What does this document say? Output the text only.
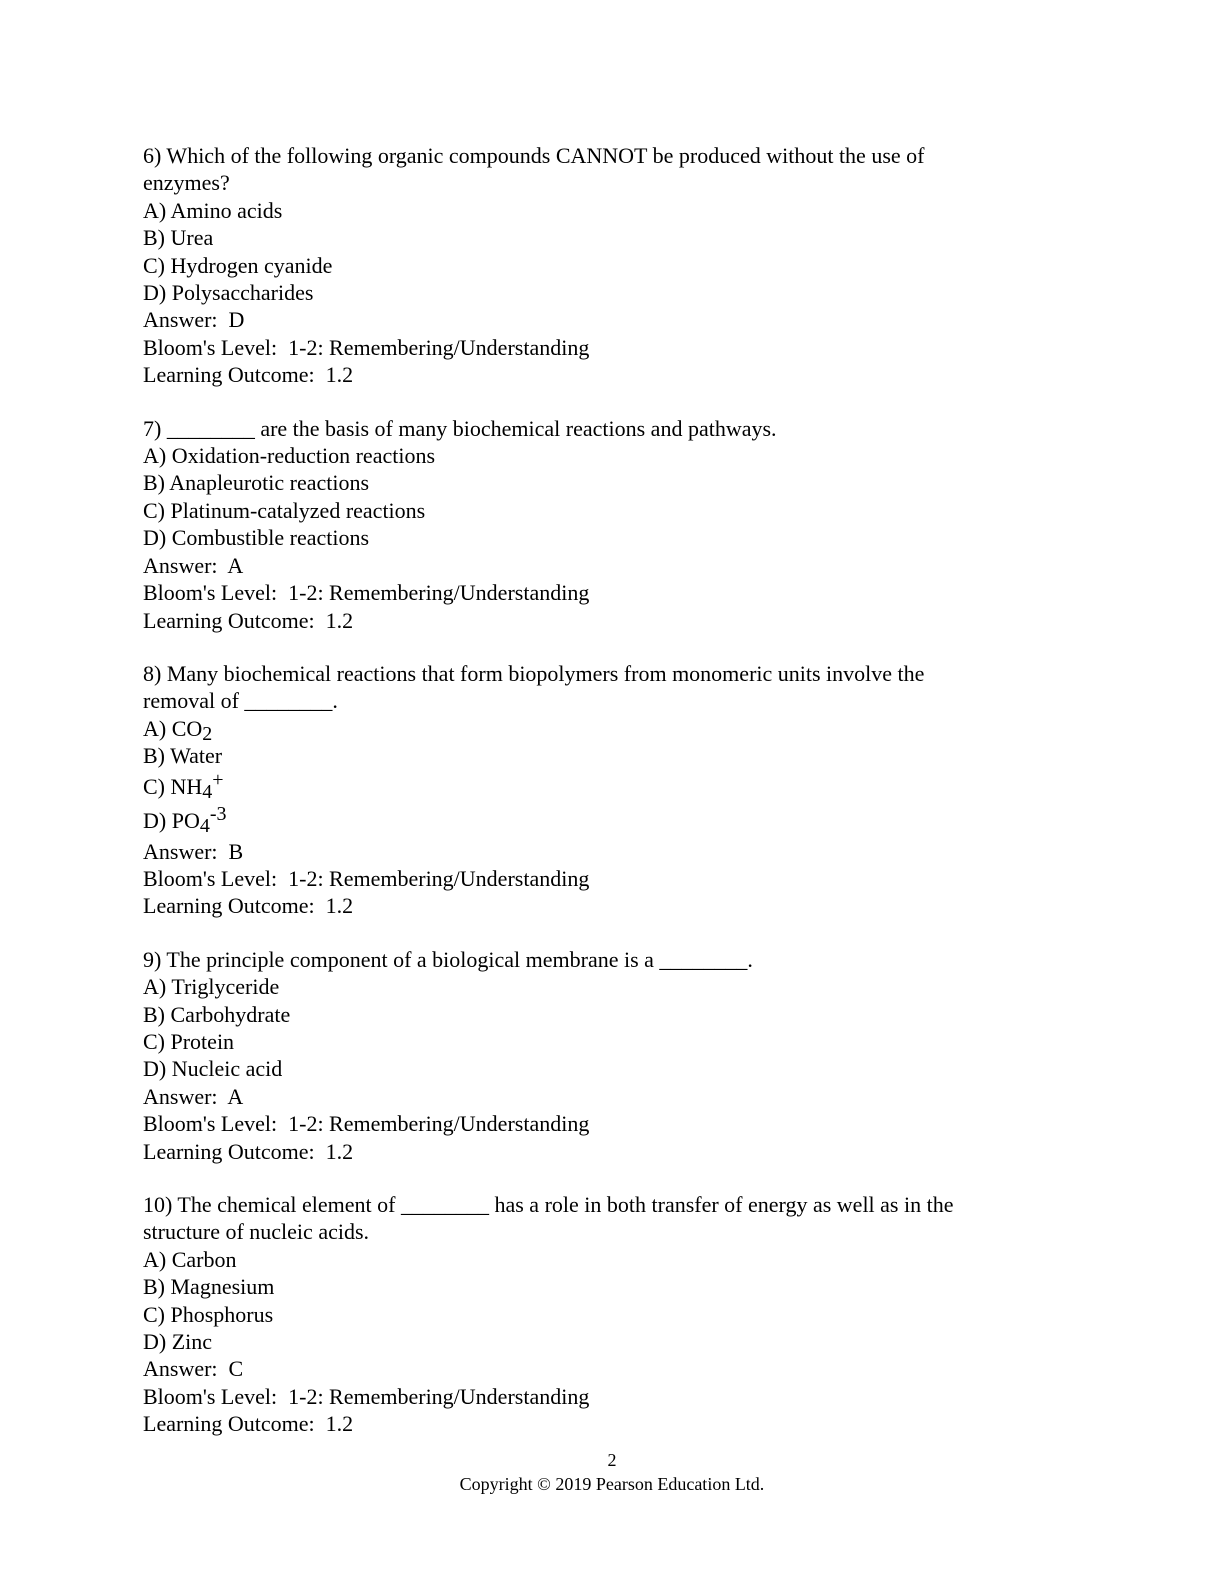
6) Which of the following organic compounds CANNOT be produced without the use of
enzymes?
A) Amino acids
B) Urea
C) Hydrogen cyanide
D) Polysaccharides
Answer:  D
Bloom's Level:  1-2: Remembering/Understanding
Learning Outcome:  1.2
7) ________ are the basis of many biochemical reactions and pathways.
A) Oxidation-reduction reactions
B) Anapleurotic reactions
C) Platinum-catalyzed reactions
D) Combustible reactions
Answer:  A
Bloom's Level:  1-2: Remembering/Understanding
Learning Outcome:  1.2
8) Many biochemical reactions that form biopolymers from monomeric units involve the
removal of ________.
A) $CO_2$
B) Water
C) $NH_4^+$
D) $PO_4^{-3}$
Answer:  B
Bloom's Level:  1-2: Remembering/Understanding
Learning Outcome:  1.2
9) The principle component of a biological membrane is a ________.
A) Triglyceride
B) Carbohydrate
C) Protein
D) Nucleic acid
Answer:  A
Bloom's Level:  1-2: Remembering/Understanding
Learning Outcome:  1.2
10) The chemical element of ________ has a role in both transfer of energy as well as in the
structure of nucleic acids.
A) Carbon
B) Magnesium
C) Phosphorus
D) Zinc
Answer:  C
Bloom's Level:  1-2: Remembering/Understanding
Learning Outcome:  1.2
2
Copyright © 2019 Pearson Education Ltd.
